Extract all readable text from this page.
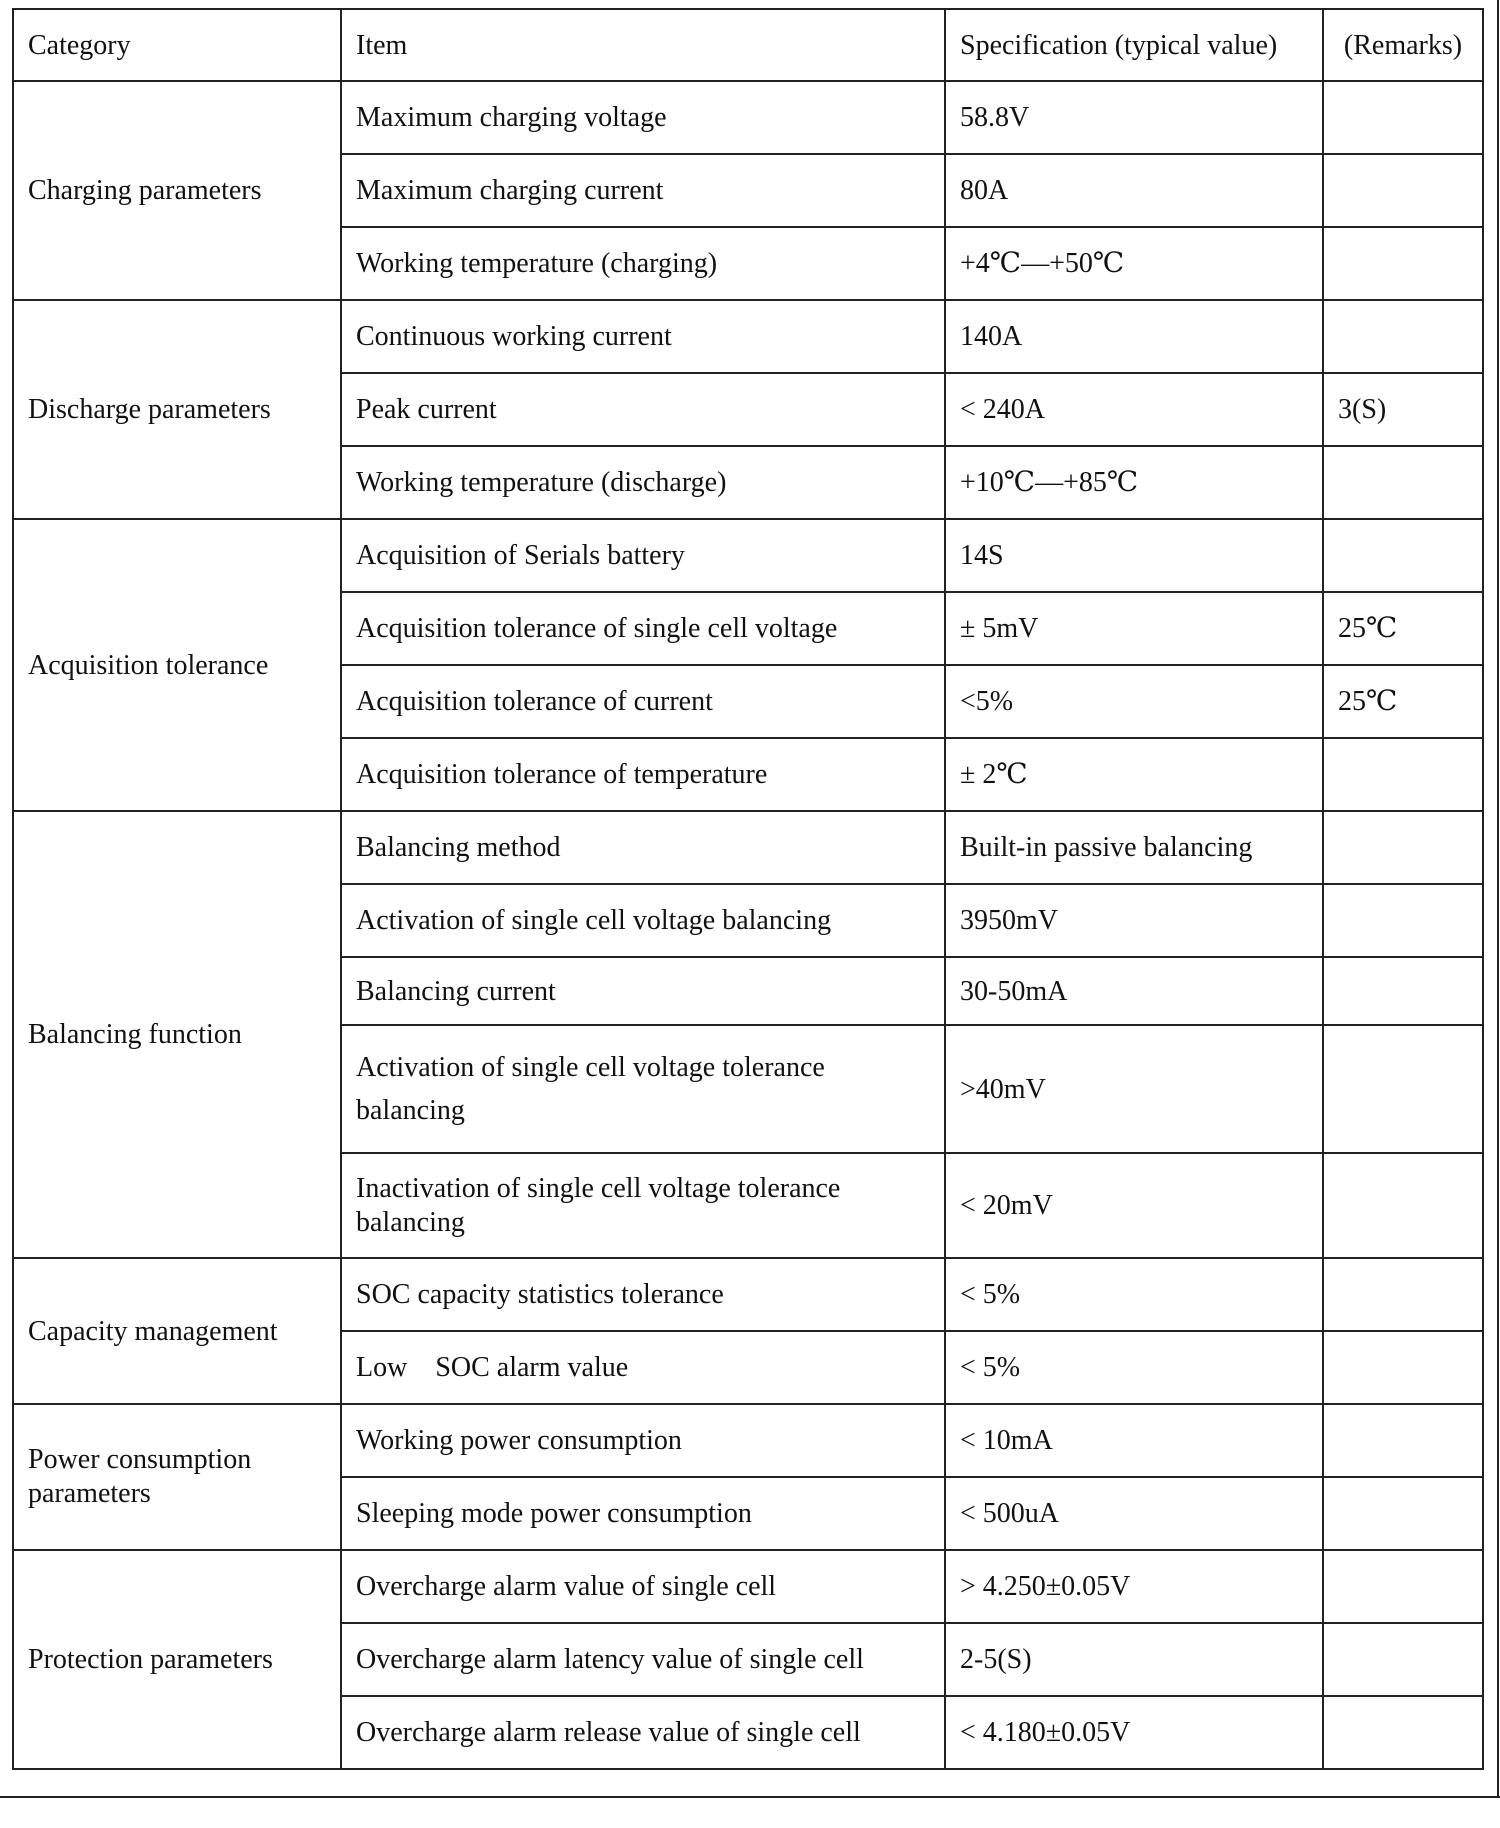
Category	Item	Specification (typical value)	(Remarks)
Charging parameters	Maximum charging voltage	58.8V	
	Maximum charging current	80A	
	Working temperature (charging)	+4℃—+50℃	
Discharge parameters	Continuous working current	140A	
	Peak current	< 240A	3(S)
	Working temperature (discharge)	+10℃—+85℃	
Acquisition tolerance	Acquisition of Serials battery	14S	
	Acquisition tolerance of single cell voltage	± 5mV	25℃
	Acquisition tolerance of current	<5%	25℃
	Acquisition tolerance of temperature	± 2℃	
Balancing function	Balancing method	Built-in passive balancing	
	Activation of single cell voltage balancing	3950mV	
	Balancing current	30-50mA	
	Activation of single cell voltage tolerance balancing	>40mV	
	Inactivation of single cell voltage tolerance balancing	< 20mV	
Capacity management	SOC capacity statistics tolerance	< 5%	
	Low    SOC alarm value	< 5%	
Power consumption parameters	Working power consumption	< 10mA	
	Sleeping mode power consumption	< 500uA	
Protection parameters	Overcharge alarm value of single cell	> 4.250±0.05V	
	Overcharge alarm latency value of single cell	2-5(S)	
	Overcharge alarm release value of single cell	< 4.180±0.05V	
